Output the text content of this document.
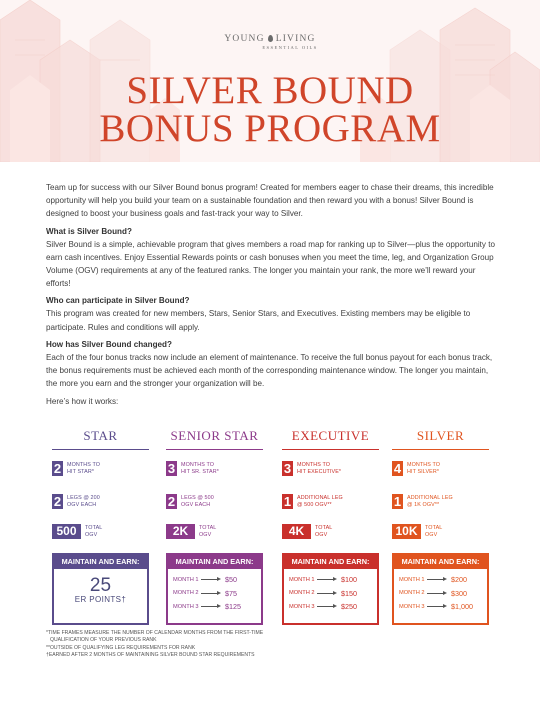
YOUNG LIVING
ESSENTIAL OILS
SILVER BOUND
BONUS PROGRAM

Team up for success with our Silver Bound bonus program! Created for members eager to chase their dreams, this incredible opportunity will help you build your team on a sustainable foundation and then reward you with a bonus! Silver Bound is designed to boost your business goals and fast-track your way to Silver.

What is Silver Bound?

Silver Bound is a simple, achievable program that gives members a road map for ranking up to Silver—plus the opportunity to earn cash incentives. Enjoy Essential Rewards points or cash bonuses when you meet the time, leg, and Organization Group Volume (OGV) requirements at any of the featured ranks. The longer you maintain your rank, the more we’ll reward your efforts!

Who can participate in Silver Bound?

This program was created for new members, Stars, Senior Stars, and Executives. Existing members may be eligible to participate. Rules and conditions will apply.

How has Silver Bound changed?

Each of the four bonus tracks now include an element of maintenance. To receive the full bonus payout for each bonus track, the bonus requirements must be achieved each month of the corresponding maintenance window. The longer you maintain, the more you earn and the stronger your organization will be.

Here’s how it works:

STAR
2	MONTHS TO
HIT STAR*
2	LEGS @ 200
OGV EACH
500	TOTAL
OGV
MAINTAIN AND EARN:
25
ER POINTS†
SENIOR STAR
3	MONTHS TO
HIT SR. STAR*
2	LEGS @ 500
OGV EACH
2K	TOTAL
OGV
MAINTAIN AND EARN:
MONTH 1	$50
MONTH 2	$75
MONTH 3	$125
EXECUTIVE
3	MONTHS TO
HIT EXECUTIVE*
1	ADDITIONAL LEG
@ 500 OGV**
4K	TOTAL
OGV
MAINTAIN AND EARN:
MONTH 1	$100
MONTH 2	$150
MONTH 3	$250
SILVER
4	MONTHS TO
HIT SILVER*
1	ADDITIONAL LEG
@ 1K OGV**
10K	TOTAL
OGV
MAINTAIN AND EARN:
MONTH 1	$200
MONTH 2	$300
MONTH 3	$1,000
*TIME FRAMES MEASURE THE NUMBER OF CALENDAR MONTHS FROM THE FIRST-TIME
QUALIFICATION OF YOUR PREVIOUS RANK
**OUTSIDE OF QUALIFYING LEG REQUIREMENTS FOR RANK
†EARNED AFTER 2 MONTHS OF MAINTAINING SILVER BOUND STAR REQUIREMENTS
